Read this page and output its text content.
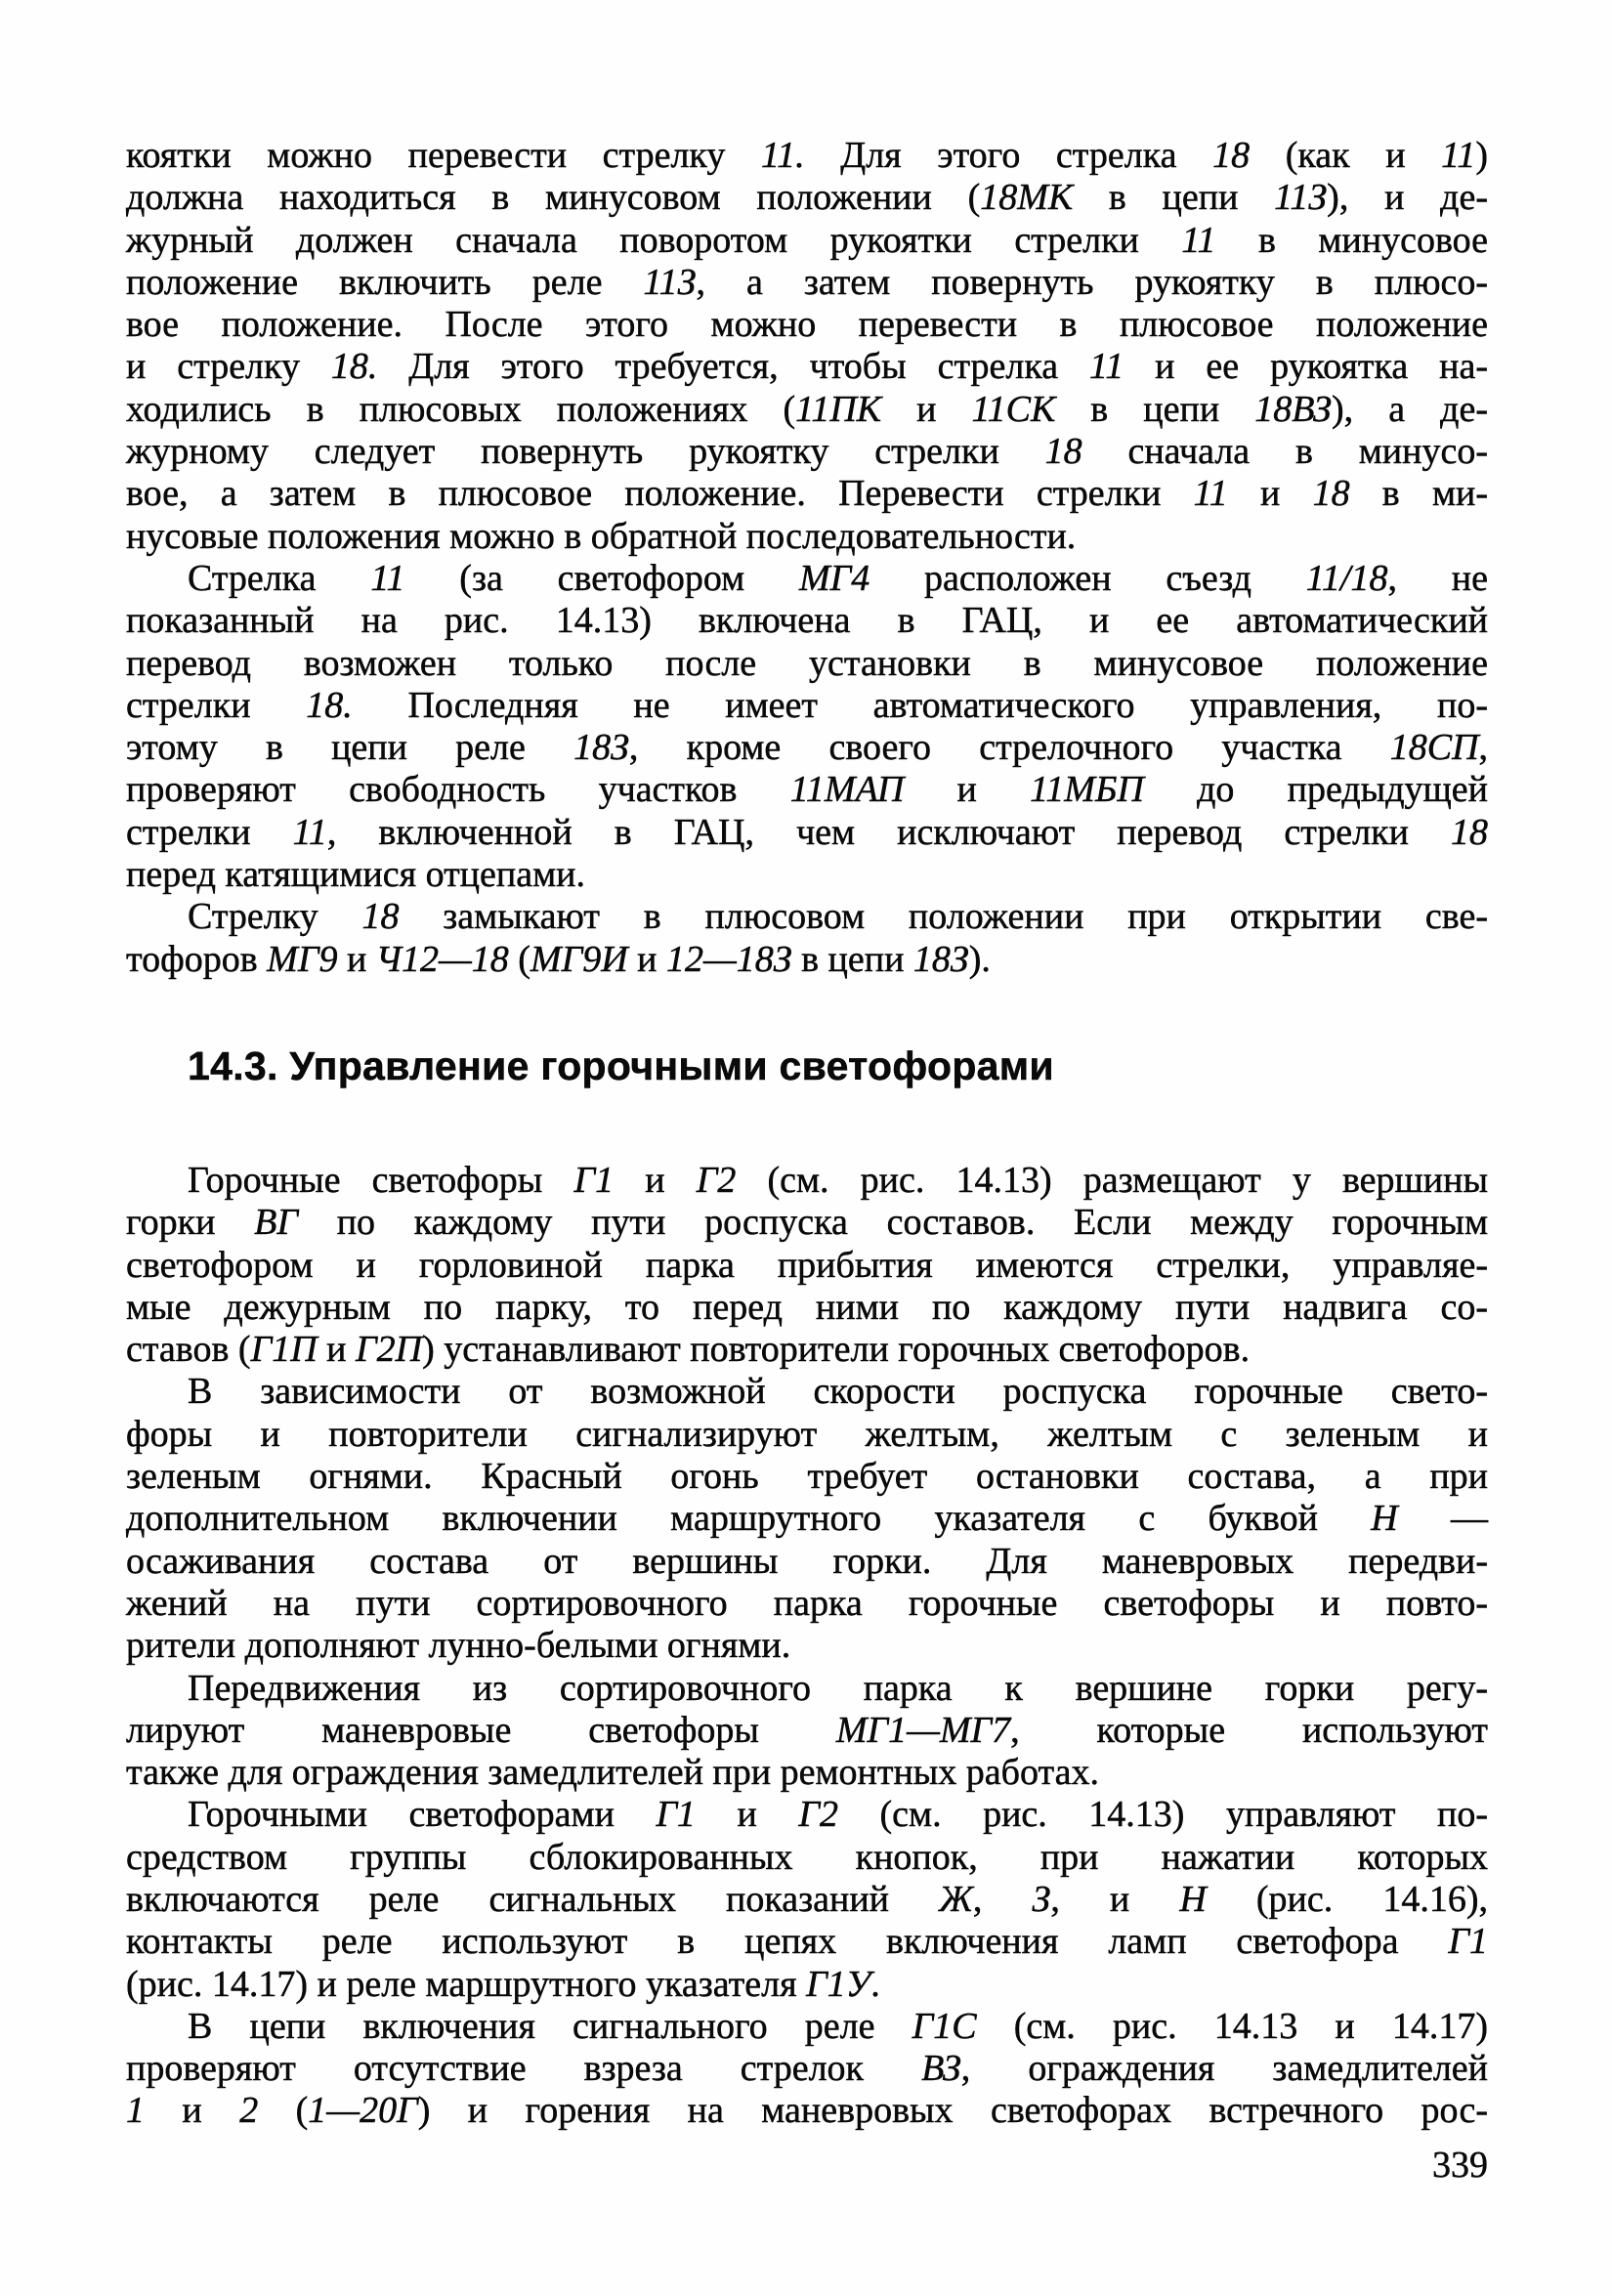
коятки можно перевести стрелку 11. Для этого стрелка 18 (как и 11)
должна находиться в минусовом положении (18МК в цепи 11З), и де-
журный должен сначала поворотом рукоятки стрелки 11 в минусовое
положение включить реле 11З, а затем повернуть рукоятку в плюсо-
вое положение. После этого можно перевести в плюсовое положение
и стрелку 18. Для этого требуется, чтобы стрелка 11 и ее рукоятка на-
ходились в плюсовых положениях (11ПК и 11СК в цепи 18ВЗ), а де-
журному следует повернуть рукоятку стрелки 18 сначала в минусо-
вое, а затем в плюсовое положение. Перевести стрелки 11 и 18 в ми-
нусовые положения можно в обратной последовательности.
Стрелка 11 (за светофором МГ4 расположен съезд 11/18, не
показанный на рис. 14.13) включена в ГАЦ, и ее автоматический
перевод возможен только после установки в минусовое положение
стрелки 18. Последняя не имеет автоматического управления, по-
этому в цепи реле 18З, кроме своего стрелочного участка 18СП,
проверяют свободность участков 11МАП и 11МБП до предыдущей
стрелки 11, включенной в ГАЦ, чем исключают перевод стрелки 18
перед катящимися отцепами.
Стрелку 18 замыкают в плюсовом положении при открытии све-
тофоров МГ9 и Ч12—18 (МГ9И и 12—18З в цепи 18З).
14.3. Управление горочными светофорами
Горочные светофоры Г1 и Г2 (см. рис. 14.13) размещают у вершины
горки ВГ по каждому пути роспуска составов. Если между горочным
светофором и горловиной парка прибытия имеются стрелки, управляе-
мые дежурным по парку, то перед ними по каждому пути надвига со-
ставов (Г1П и Г2П) устанавливают повторители горочных светофоров.
В зависимости от возможной скорости роспуска горочные свето-
форы и повторители сигнализируют желтым, желтым с зеленым и
зеленым огнями. Красный огонь требует остановки состава, а при
дополнительном включении маршрутного указателя с буквой Н —
осаживания состава от вершины горки. Для маневровых передви-
жений на пути сортировочного парка горочные светофоры и повто-
рители дополняют лунно-белыми огнями.
Передвижения из сортировочного парка к вершине горки регу-
лируют маневровые светофоры МГ1—МГ7, которые используют
также для ограждения замедлителей при ремонтных работах.
Горочными светофорами Г1 и Г2 (см. рис. 14.13) управляют по-
средством группы сблокированных кнопок, при нажатии которых
включаются реле сигнальных показаний Ж, З, и Н (рис. 14.16),
контакты реле используют в цепях включения ламп светофора Г1
(рис. 14.17) и реле маршрутного указателя Г1У.
В цепи включения сигнального реле Г1С (см. рис. 14.13 и 14.17)
проверяют отсутствие взреза стрелок ВЗ, ограждения замедлителей
1 и 2 (1—20Г) и горения на маневровых светофорах встречного рос-
339
